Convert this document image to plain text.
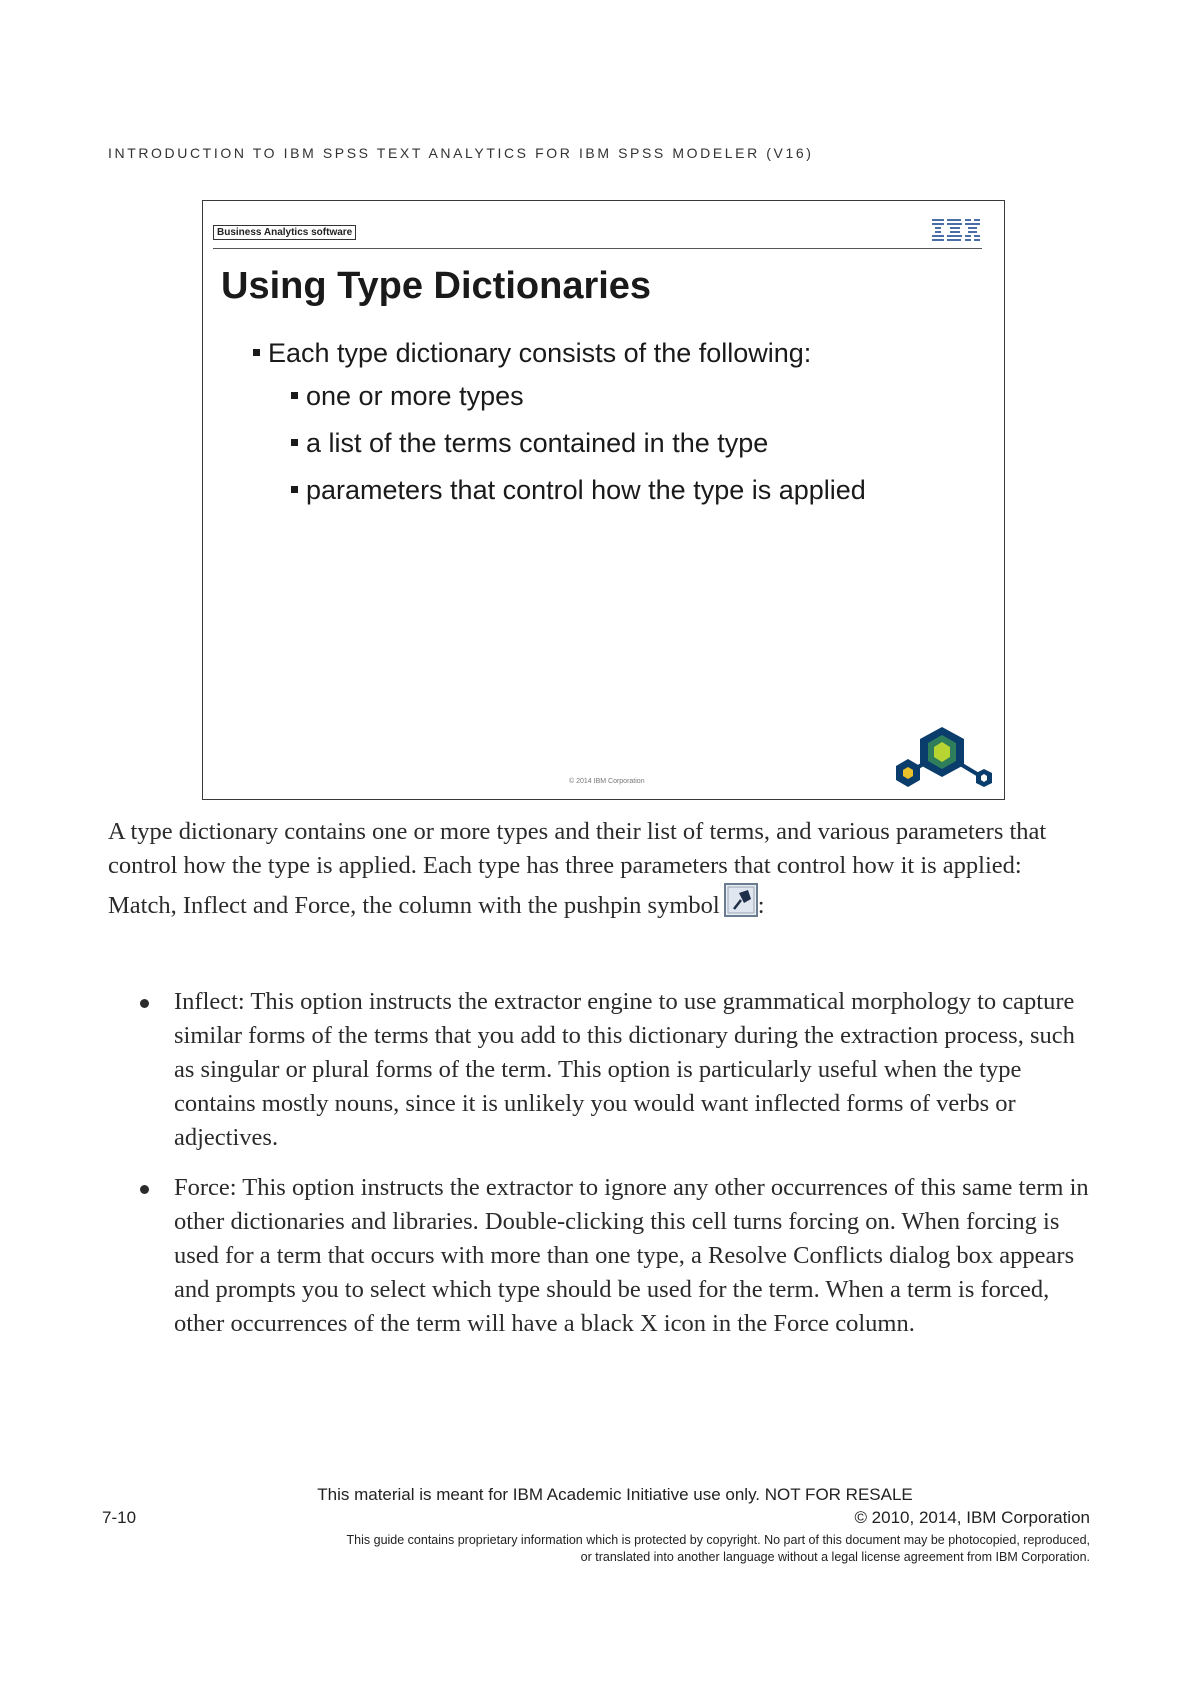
INTRODUCTION TO IBM SPSS TEXT ANALYTICS FOR IBM SPSS MODELER (V16)
Business Analytics software
Using Type Dictionaries
Each type dictionary consists of the following:
one or more types
a list of the terms contained in the type
parameters that control how the type is applied
© 2014 IBM Corporation
A type dictionary contains one or more types and their list of terms, and various parameters that control how the type is applied. Each type has three parameters that control how it is applied: Match, Inflect and Force, the column with the pushpin symbol :
Inflect: This option instructs the extractor engine to use grammatical morphology to capture similar forms of the terms that you add to this dictionary during the extraction process, such as singular or plural forms of the term. This option is particularly useful when the type contains mostly nouns, since it is unlikely you would want inflected forms of verbs or adjectives.
Force: This option instructs the extractor to ignore any other occurrences of this same term in other dictionaries and libraries. Double-clicking this cell turns forcing on. When forcing is used for a term that occurs with more than one type, a Resolve Conflicts dialog box appears and prompts you to select which type should be used for the term. When a term is forced, other occurrences of the term will have a black X icon in the Force column.
This material is meant for IBM Academic Initiative use only. NOT FOR RESALE
7-10	© 2010, 2014, IBM Corporation
This guide contains proprietary information which is protected by copyright. No part of this document may be photocopied, reproduced,
or translated into another language without a legal license agreement from IBM Corporation.
